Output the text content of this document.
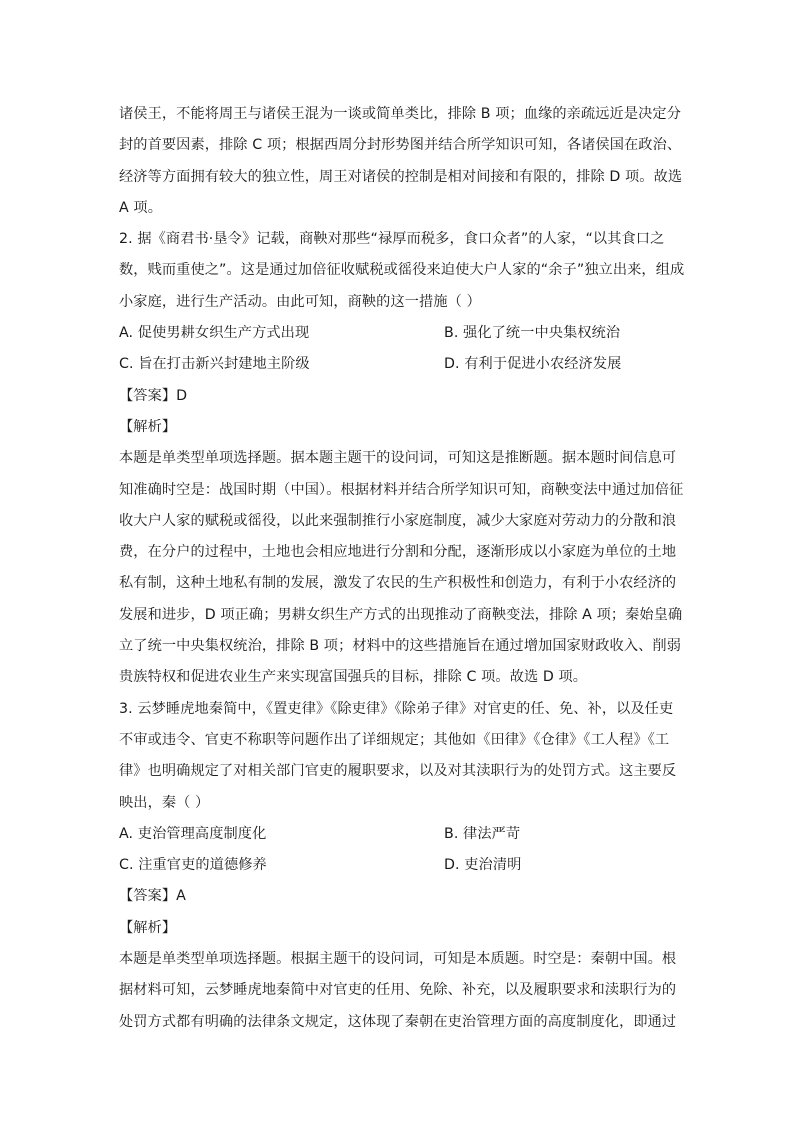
诸侯王，不能将周王与诸侯王混为一谈或简单类比，排除 B 项；血缘的亲疏远近是决定分
封的首要因素，排除 C 项；根据西周分封形势图并结合所学知识可知，各诸侯国在政治、
经济等方面拥有较大的独立性，周王对诸侯的控制是相对间接和有限的，排除 D 项。故选
A 项。
2. 据《商君书·垦令》记载，商鞅对那些“禄厚而税多，食口众者”的人家，“以其食口之
数，贱而重使之”。这是通过加倍征收赋税或徭役来迫使大户人家的“余子”独立出来，组成
小家庭，进行生产活动。由此可知，商鞅的这一措施（ ）
A. 促使男耕女织生产方式出现	B. 强化了统一中央集权统治
C. 旨在打击新兴封建地主阶级	D. 有利于促进小农经济发展
【答案】D
【解析】
本题是单类型单项选择题。据本题主题干的设问词，可知这是推断题。据本题时间信息可
知准确时空是：战国时期（中国）。根据材料并结合所学知识可知，商鞅变法中通过加倍征
收大户人家的赋税或徭役，以此来强制推行小家庭制度，减少大家庭对劳动力的分散和浪
费，在分户的过程中，土地也会相应地进行分割和分配，逐渐形成以小家庭为单位的土地
私有制，这种土地私有制的发展，激发了农民的生产积极性和创造力，有利于小农经济的
发展和进步，D 项正确；男耕女织生产方式的出现推动了商鞅变法，排除 A 项；秦始皇确
立了统一中央集权统治，排除 B 项；材料中的这些措施旨在通过增加国家财政收入、削弱
贵族特权和促进农业生产来实现富国强兵的目标，排除 C 项。故选 D 项。
3. 云梦睡虎地秦简中，《置吏律》《除吏律》《除弟子律》对官吏的任、免、补，以及任吏
不审或违令、官吏不称职等问题作出了详细规定；其他如《田律》《仓律》《工人程》《工
律》也明确规定了对相关部门官吏的履职要求，以及对其渎职行为的处罚方式。这主要反
映出，秦（ ）
A. 吏治管理高度制度化	B. 律法严苛
C. 注重官吏的道德修养	D. 吏治清明
【答案】A
【解析】
本题是单类型单项选择题。根据主题干的设问词，可知是本质题。时空是：秦朝中国。根
据材料可知，云梦睡虎地秦简中对官吏的任用、免除、补充，以及履职要求和渎职行为的
处罚方式都有明确的法律条文规定，这体现了秦朝在吏治管理方面的高度制度化，即通过
